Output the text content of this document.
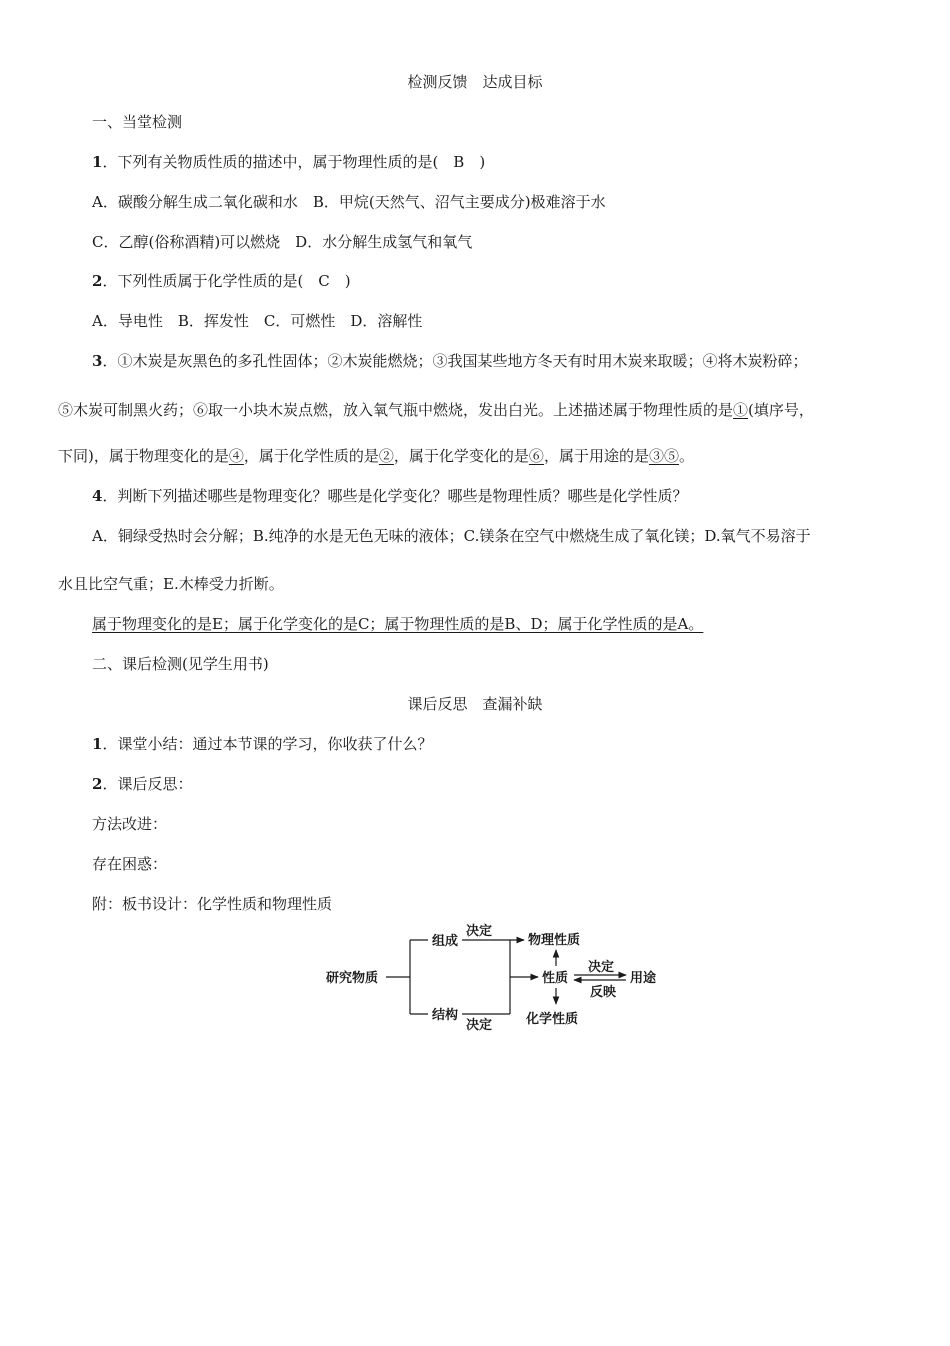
检测反馈　达成目标
一、当堂检测
1．下列有关物质性质的描述中，属于物理性质的是(　B　)
A．碳酸分解生成二氧化碳和水　B．甲烷(天然气、沼气主要成分)极难溶于水
C．乙醇(俗称酒精)可以燃烧　D．水分解生成氢气和氧气
2．下列性质属于化学性质的是(　C　)
A．导电性　B．挥发性　C．可燃性　D．溶解性
3．①木炭是灰黑色的多孔性固体；②木炭能燃烧；③我国某些地方冬天有时用木炭来取暖；④将木炭粉碎；
⑤木炭可制黑火药；⑥取一小块木炭点燃，放入氧气瓶中燃烧，发出白光。上述描述属于物理性质的是①(填序号，
下同)，属于物理变化的是④，属于化学性质的是②，属于化学变化的是⑥，属于用途的是③⑤。
4．判断下列描述哪些是物理变化？哪些是化学变化？哪些是物理性质？哪些是化学性质？
A．铜绿受热时会分解；B.纯净的水是无色无味的液体；C.镁条在空气中燃烧生成了氧化镁；D.氧气不易溶于
水且比空气重；E.木棒受力折断。
属于物理变化的是E；属于化学变化的是C；属于物理性质的是B、D；属于化学性质的是A。
二、课后检测(见学生用书)
课后反思　查漏补缺
1．课堂小结：通过本节课的学习，你收获了什么？
2．课后反思：
方法改进：
存在困惑：
附：板书设计：化学性质和物理性质
研究物质
组成
结构
决定
决定
物理性质
性质
化学性质
决定
反映
用途
